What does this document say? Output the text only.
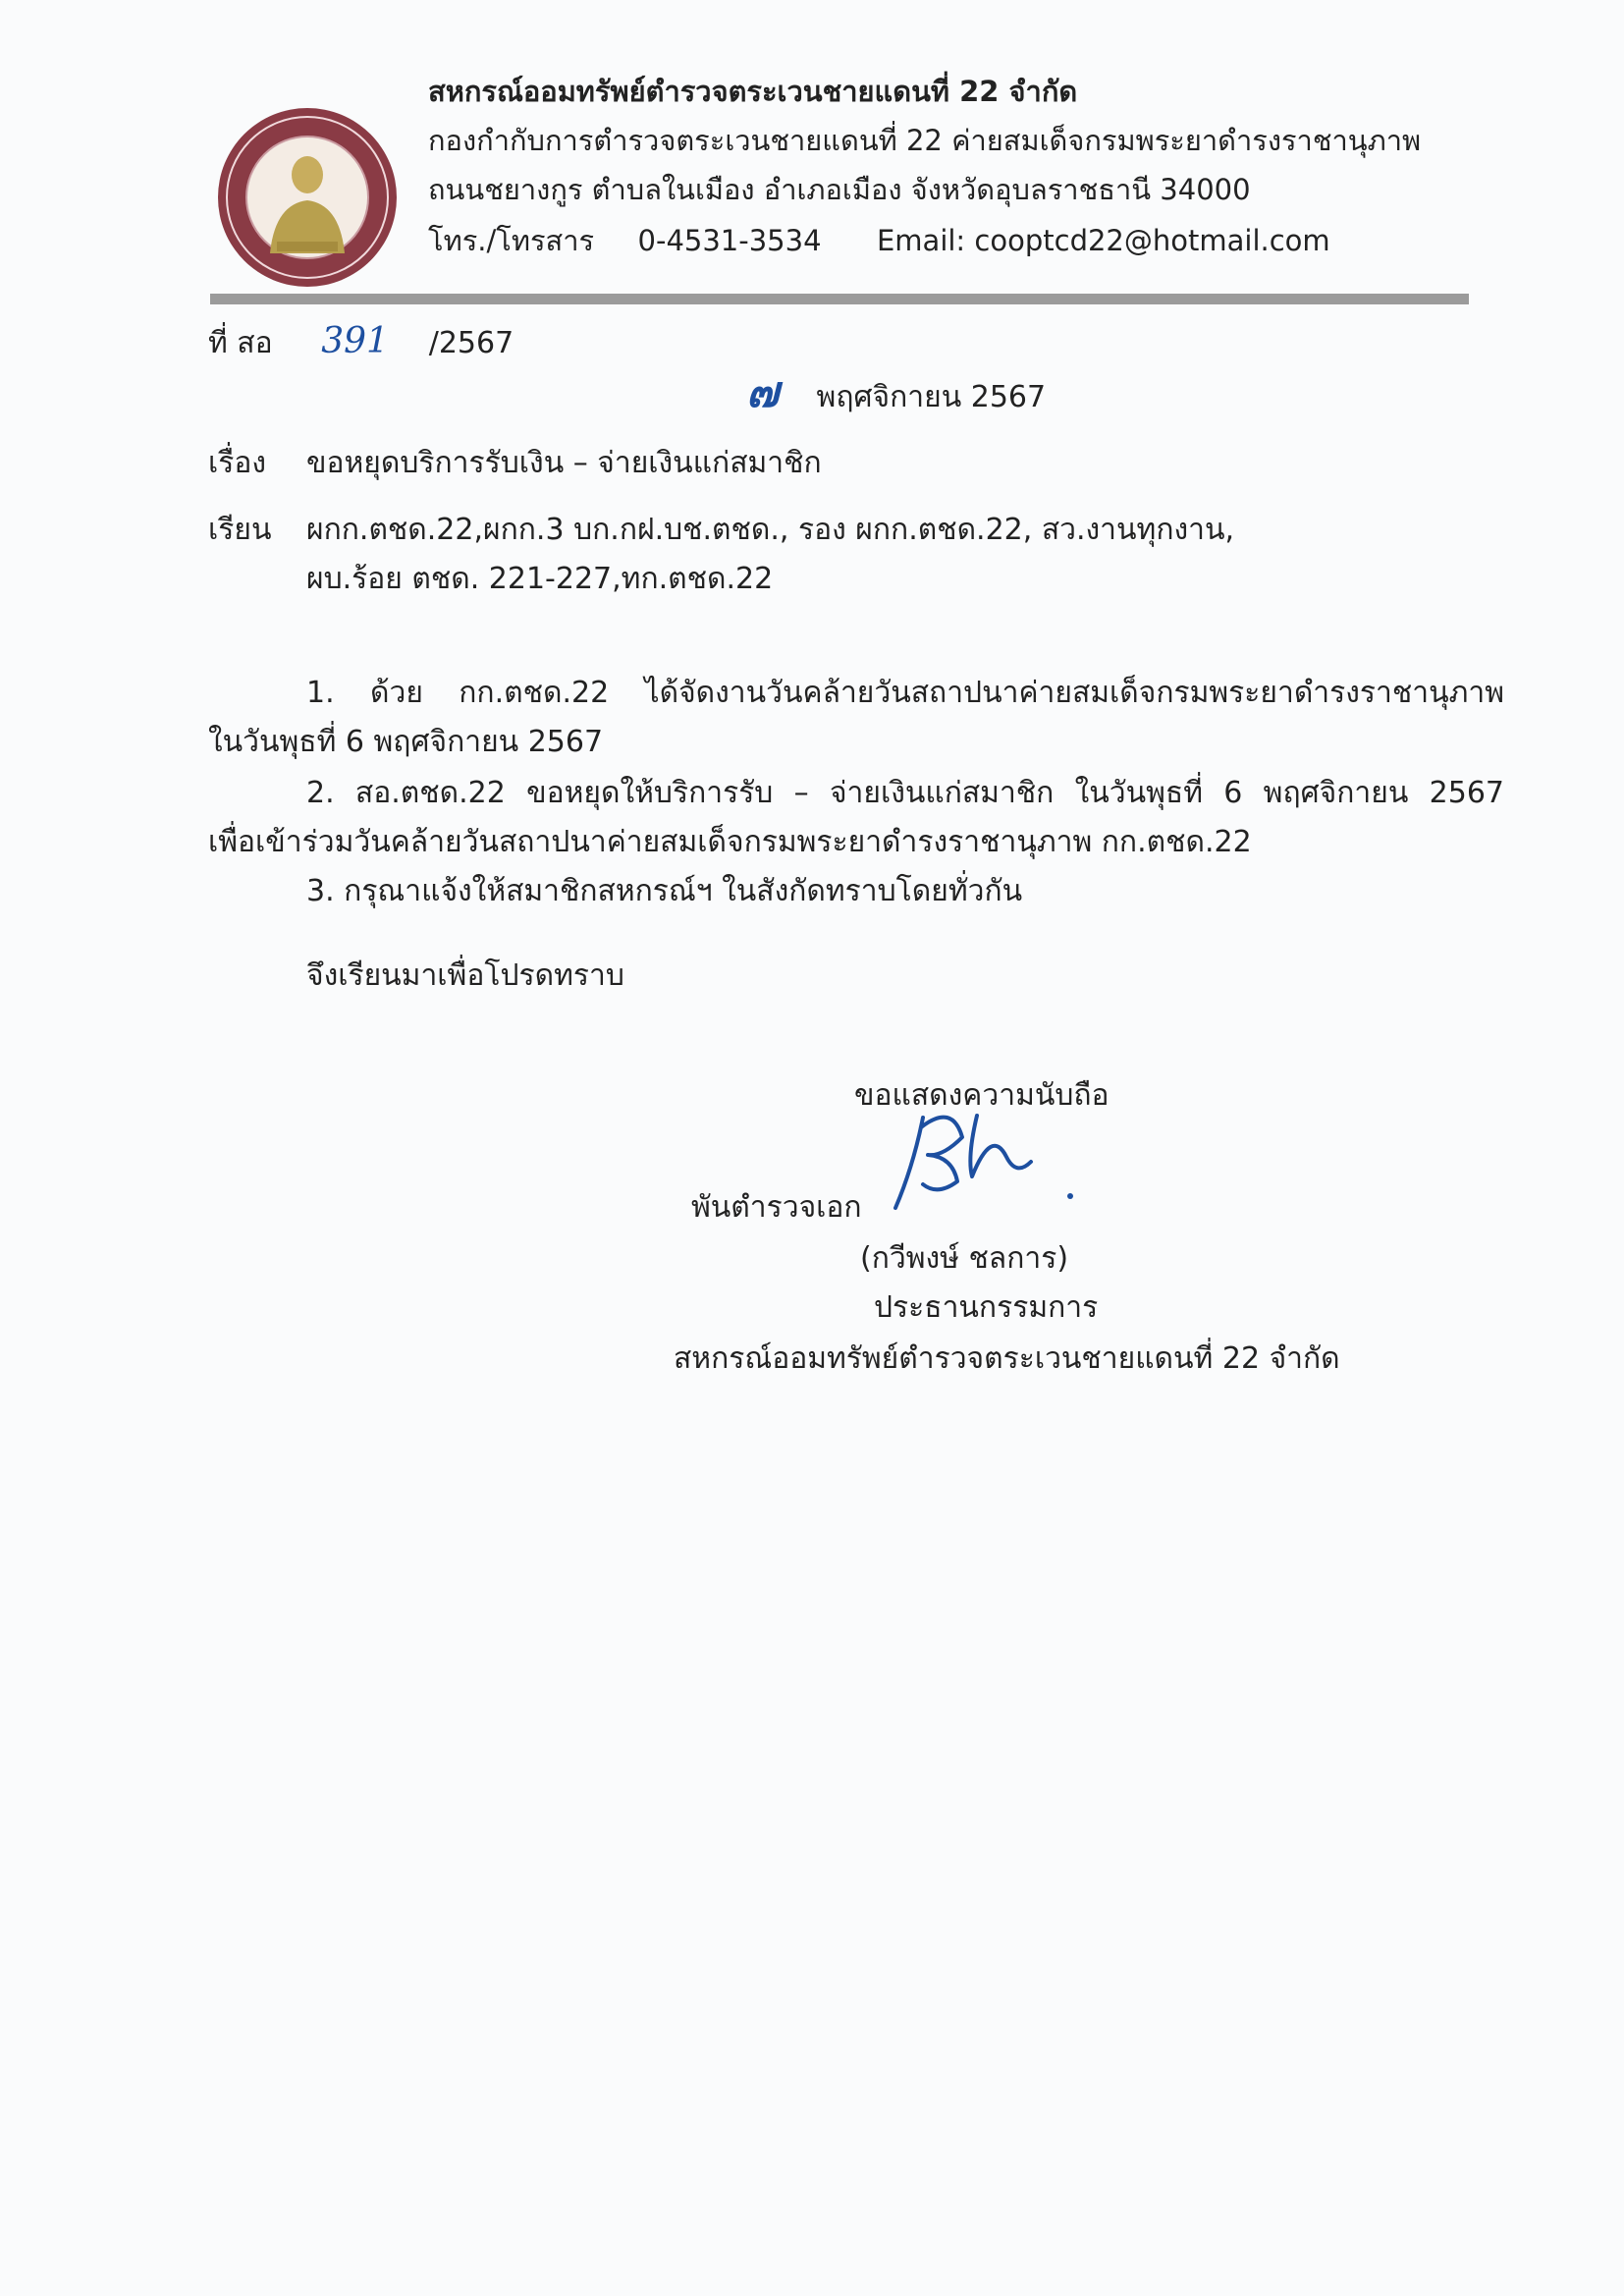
สหกรณ์ออมทรัพย์ตำรวจตระเวนชายแดนที่ 22 จำกัด
กองกำกับการตำรวจตระเวนชายแดนที่ 22 ค่ายสมเด็จกรมพระยาดำรงราชานุภาพ
ถนนชยางกูร ตำบลในเมือง อำเภอเมือง จังหวัดอุบลราชธานี 34000
โทร./โทรสาร 0-4531-3534 Email: cooptcd22@hotmail.com
ที่ สอ 391 /2567
๗ พฤศจิกายน 2567
เรื่อง ขอหยุดบริการรับเงิน – จ่ายเงินแก่สมาชิก
เรียน ผกก.ตชด.22,ผกก.3 บก.กฝ.บช.ตชด., รอง ผกก.ตชด.22, สว.งานทุกงาน,
ผบ.ร้อย ตชด. 221-227,ทก.ตชด.22
1. ด้วย กก.ตชด.22 ได้จัดงานวันคล้ายวันสถาปนาค่ายสมเด็จกรมพระยาดำรงราชานุภาพ
ในวันพุธที่ 6 พฤศจิกายน 2567
2. สอ.ตชด.22 ขอหยุดให้บริการรับ – จ่ายเงินแก่สมาชิก ในวันพุธที่ 6 พฤศจิกายน 2567
เพื่อเข้าร่วมวันคล้ายวันสถาปนาค่ายสมเด็จกรมพระยาดำรงราชานุภาพ กก.ตชด.22
3. กรุณาแจ้งให้สมาชิกสหกรณ์ฯ ในสังกัดทราบโดยทั่วกัน
จึงเรียนมาเพื่อโปรดทราบ
ขอแสดงความนับถือ
พันตำรวจเอก
(กวีพงษ์ ชลการ)
ประธานกรรมการ
สหกรณ์ออมทรัพย์ตำรวจตระเวนชายแดนที่ 22 จำกัด
